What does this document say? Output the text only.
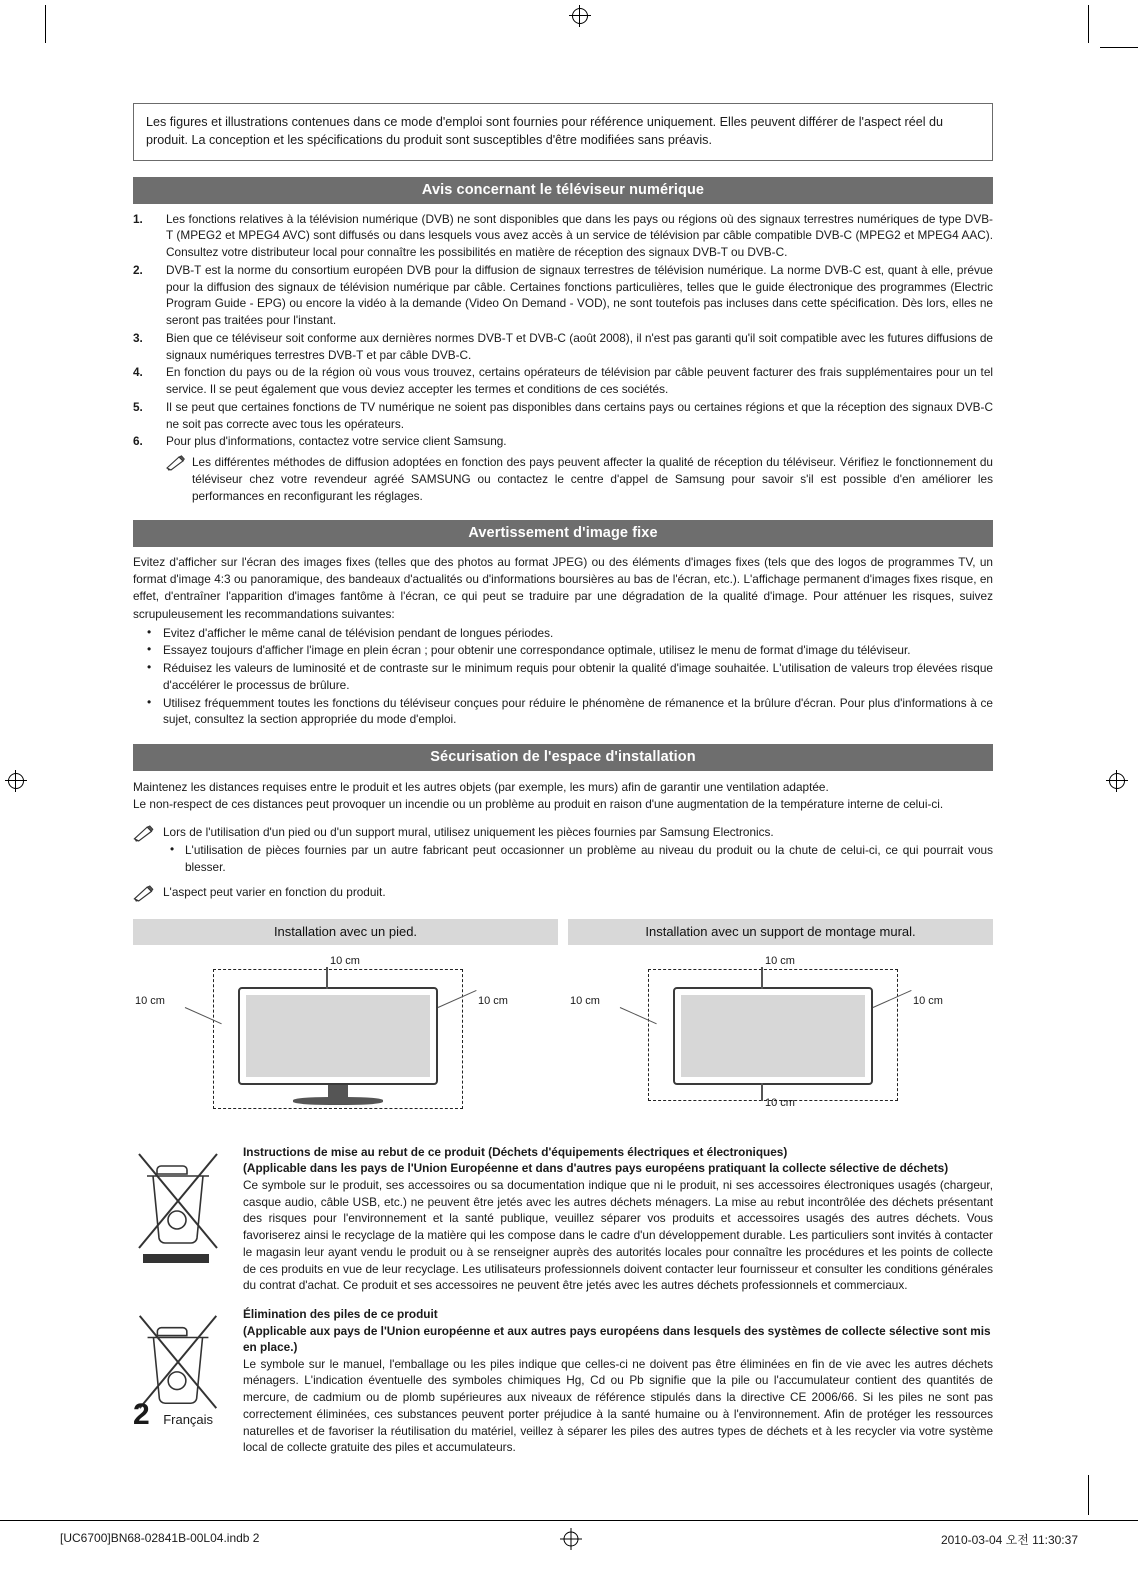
Les figures et illustrations contenues dans ce mode d'emploi sont fournies pour référence uniquement. Elles peuvent différer de l'aspect réel du produit. La conception et les spécifications du produit sont susceptibles d'être modifiées sans préavis.
Avis concernant le téléviseur numérique
1.	Les fonctions relatives à la télévision numérique (DVB) ne sont disponibles que dans les pays ou régions où des signaux terrestres numériques de type DVB-T (MPEG2 et MPEG4 AVC) sont diffusés ou dans lesquels vous avez accès à un service de télévision par câble compatible DVB-C (MPEG2 et MPEG4 AAC). Consultez votre distributeur local pour connaître les possibilités en matière de réception des signaux DVB-T ou DVB-C.
2.	DVB-T est la norme du consortium européen DVB pour la diffusion de signaux terrestres de télévision numérique. La norme DVB-C est, quant à elle, prévue pour la diffusion des signaux de télévision numérique par câble. Certaines fonctions particulières, telles que le guide électronique des programmes (Electric Program Guide - EPG) ou encore la vidéo à la demande (Video On Demand - VOD), ne sont toutefois pas incluses dans cette spécification. Dès lors, elles ne seront pas traitées pour l'instant.
3.	Bien que ce téléviseur soit conforme aux dernières normes DVB-T et DVB-C (août 2008), il n'est pas garanti qu'il soit compatible avec les futures diffusions de signaux numériques terrestres DVB-T et par câble DVB-C.
4.	En fonction du pays ou de la région où vous vous trouvez, certains opérateurs de télévision par câble peuvent facturer des frais supplémentaires pour un tel service. Il se peut également que vous deviez accepter les termes et conditions de ces sociétés.
5.	Il se peut que certaines fonctions de TV numérique ne soient pas disponibles dans certains pays ou certaines régions et que la réception des signaux DVB-C ne soit pas correcte avec tous les opérateurs.
6.	Pour plus d'informations, contactez votre service client Samsung.
Les différentes méthodes de diffusion adoptées en fonction des pays peuvent affecter la qualité de réception du téléviseur. Vérifiez le fonctionnement du téléviseur chez votre revendeur agréé SAMSUNG ou contactez le centre d'appel de Samsung pour savoir s'il est possible d'en améliorer les performances en reconfigurant les réglages.
Avertissement d'image fixe
Evitez d'afficher sur l'écran des images fixes (telles que des photos au format JPEG) ou des éléments d'images fixes (tels que des logos de programmes TV, un format d'image 4:3 ou panoramique, des bandeaux d'actualités ou d'informations boursières au bas de l'écran, etc.). L'affichage permanent d'images fixes risque, en effet, d'entraîner l'apparition d'images fantôme à l'écran, ce qui peut se traduire par une dégradation de la qualité d'image. Pour atténuer les risques, suivez scrupuleusement les recommandations suivantes:
• Evitez d'afficher le même canal de télévision pendant de longues périodes.
• Essayez toujours d'afficher l'image en plein écran ; pour obtenir une correspondance optimale, utilisez le menu de format d'image du téléviseur.
• Réduisez les valeurs de luminosité et de contraste sur le minimum requis pour obtenir la qualité d'image souhaitée. L'utilisation de valeurs trop élevées risque d'accélérer le processus de brûlure.
• Utilisez fréquemment toutes les fonctions du téléviseur conçues pour réduire le phénomène de rémanence et la brûlure d'écran. Pour plus d'informations à ce sujet, consultez la section appropriée du mode d'emploi.
Sécurisation de l'espace d'installation
Maintenez les distances requises entre le produit et les autres objets (par exemple, les murs) afin de garantir une ventilation adaptée.
Le non-respect de ces distances peut provoquer un incendie ou un problème au produit en raison d'une augmentation de la température interne de celui-ci.
Lors de l'utilisation d'un pied ou d'un support mural, utilisez uniquement les pièces fournies par Samsung Electronics.
• L'utilisation de pièces fournies par un autre fabricant peut occasionner un problème au niveau du produit ou la chute de celui-ci, ce qui pourrait vous blesser.
L'aspect peut varier en fonction du produit.
Installation avec un pied.
10 cm
10 cm	10 cm
Installation avec un support de montage mural.
10 cm
10 cm	10 cm
10 cm
Instructions de mise au rebut de ce produit (Déchets d'équipements électriques et électroniques)
(Applicable dans les pays de l'Union Européenne et dans d'autres pays européens pratiquant la collecte sélective de déchets)
Ce symbole sur le produit, ses accessoires ou sa documentation indique que ni le produit, ni ses accessoires électroniques usagés (chargeur, casque audio, câble USB, etc.) ne peuvent être jetés avec les autres déchets ménagers. La mise au rebut incontrôlée des déchets présentant des risques pour l'environnement et la santé publique, veuillez séparer vos produits et accessoires usagés des autres déchets. Vous favoriserez ainsi le recyclage de la matière qui les compose dans le cadre d'un développement durable. Les particuliers sont invités à contacter le magasin leur ayant vendu le produit ou à se renseigner auprès des autorités locales pour connaître les procédures et les points de collecte de ces produits en vue de leur recyclage. Les utilisateurs professionnels doivent contacter leur fournisseur et consulter les conditions générales du contrat d'achat. Ce produit et ses accessoires ne peuvent être jetés avec les autres déchets professionnels et commerciaux.
Élimination des piles de ce produit
(Applicable aux pays de l'Union européenne et aux autres pays européens dans lesquels des systèmes de collecte sélective sont mis en place.)
Le symbole sur le manuel, l'emballage ou les piles indique que celles-ci ne doivent pas être éliminées en fin de vie avec les autres déchets ménagers. L'indication éventuelle des symboles chimiques Hg, Cd ou Pb signifie que la pile ou l'accumulateur contient des quantités de mercure, de cadmium ou de plomb supérieures aux niveaux de référence stipulés dans la directive CE 2006/66. Si les piles ne sont pas correctement éliminées, ces substances peuvent porter préjudice à la santé humaine ou à l'environnement. Afin de protéger les ressources naturelles et de favoriser la réutilisation du matériel, veillez à séparer les piles des autres types de déchets et à les recycler via votre système local de collecte gratuite des piles et accumulateurs.
2 Français
[UC6700]BN68-02841B-00L04.indb 2	2010-03-04 오전 11:30:37
